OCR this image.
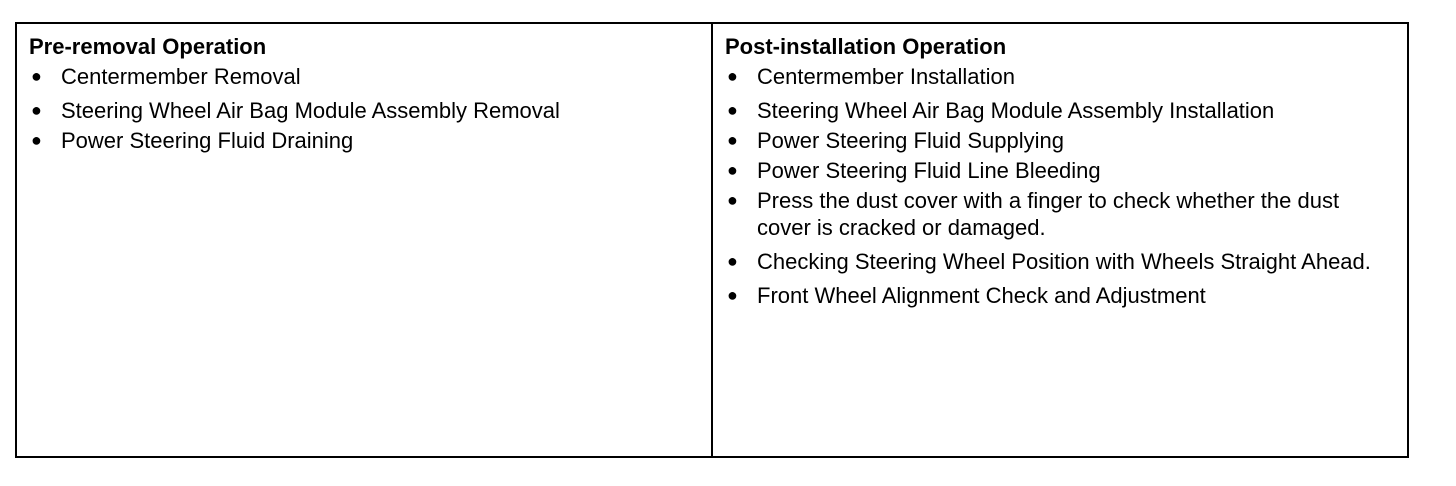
Pre-removal Operation
● Centermember Removal
● Steering Wheel Air Bag Module Assembly Removal
● Power Steering Fluid Draining
Post-installation Operation
● Centermember Installation
● Steering Wheel Air Bag Module Assembly Installation
● Power Steering Fluid Supplying
● Power Steering Fluid Line Bleeding
● Press the dust cover with a finger to check whether the dust cover is cracked or damaged.
● Checking Steering Wheel Position with Wheels Straight Ahead.
● Front Wheel Alignment Check and Adjustment
